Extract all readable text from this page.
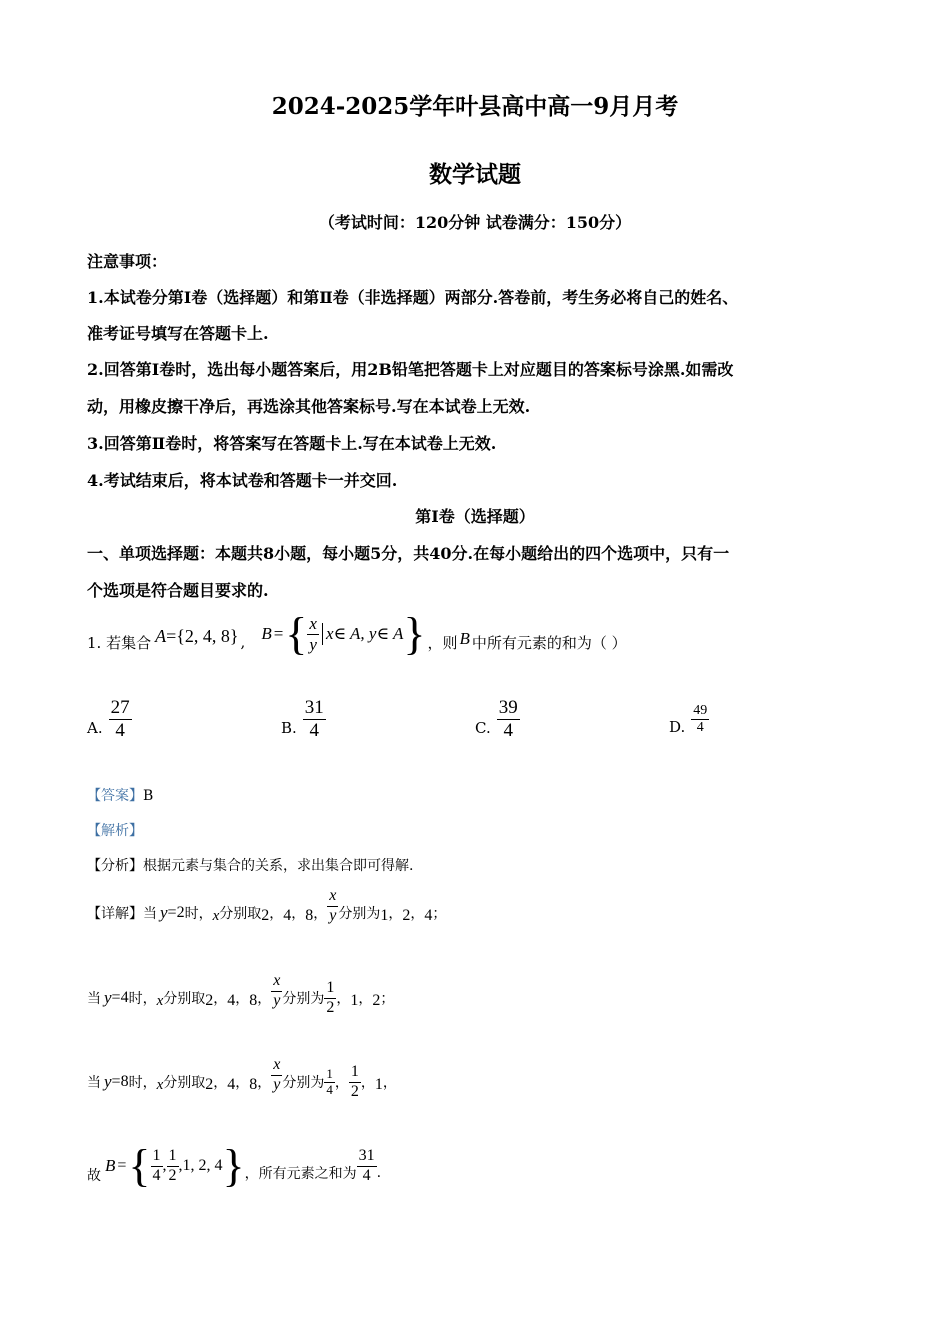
2024-2025学年叶县高中高一9月月考
数学试题
（考试时间：120分钟 试卷满分：150分）
注意事项：
1.本试卷分第Ⅰ卷（选择题）和第Ⅱ卷（非选择题）两部分.答卷前，考生务必将自己的姓名、
准考证号填写在答题卡上.
2.回答第Ⅰ卷时，选出每小题答案后，用2B铅笔把答题卡上对应题目的答案标号涂黑.如需改
动，用橡皮擦干净后，再选涂其他答案标号.写在本试卷上无效.
3.回答第Ⅱ卷时，将答案写在答题卡上.写在本试卷上无效.
4.考试结束后，将本试卷和答题卡一并交回.
第I卷（选择题）
一、单项选择题：本题共8小题，每小题5分，共40分.在每小题给出的四个选项中，只有一
个选项是符合题目要求的.
1. 若集合 A ={2, 4, 8} , B = { $\frac{x}{y}$ x∈ A, y∈ A } ，则 B 中所有元素的和为（ ）
A. $\frac{27}{4}$	B. $\frac{31}{4}$	C. $\frac{39}{4}$	D. $\frac{49}{4}$
【答案】B
【解析】
【分析】根据元素与集合的关系，求出集合即可得解.
【详解】当 y =2 时， x 分别取 2 ， 4 ， 8 ， $\frac{x}{y}$ 分别为 1 ， 2 ， 4 ；
当 y =4 时， x 分别取 2 ， 4 ， 8 ， $\frac{x}{y}$ 分别为 $\frac{1}{2}$ ， 1 ， 2 ；
当 y =8 时， x 分别取 2 ， 4 ， 8 ， $\frac{x}{y}$ 分别为 $\frac{1}{4}$ ， $\frac{1}{2}$ ， 1 ，
故
B = { $\frac{1}{4}$ , $\frac{1}{2} ,1$, 2, 4 } ，所有元素之和为 $\frac{31}{4}$ .
